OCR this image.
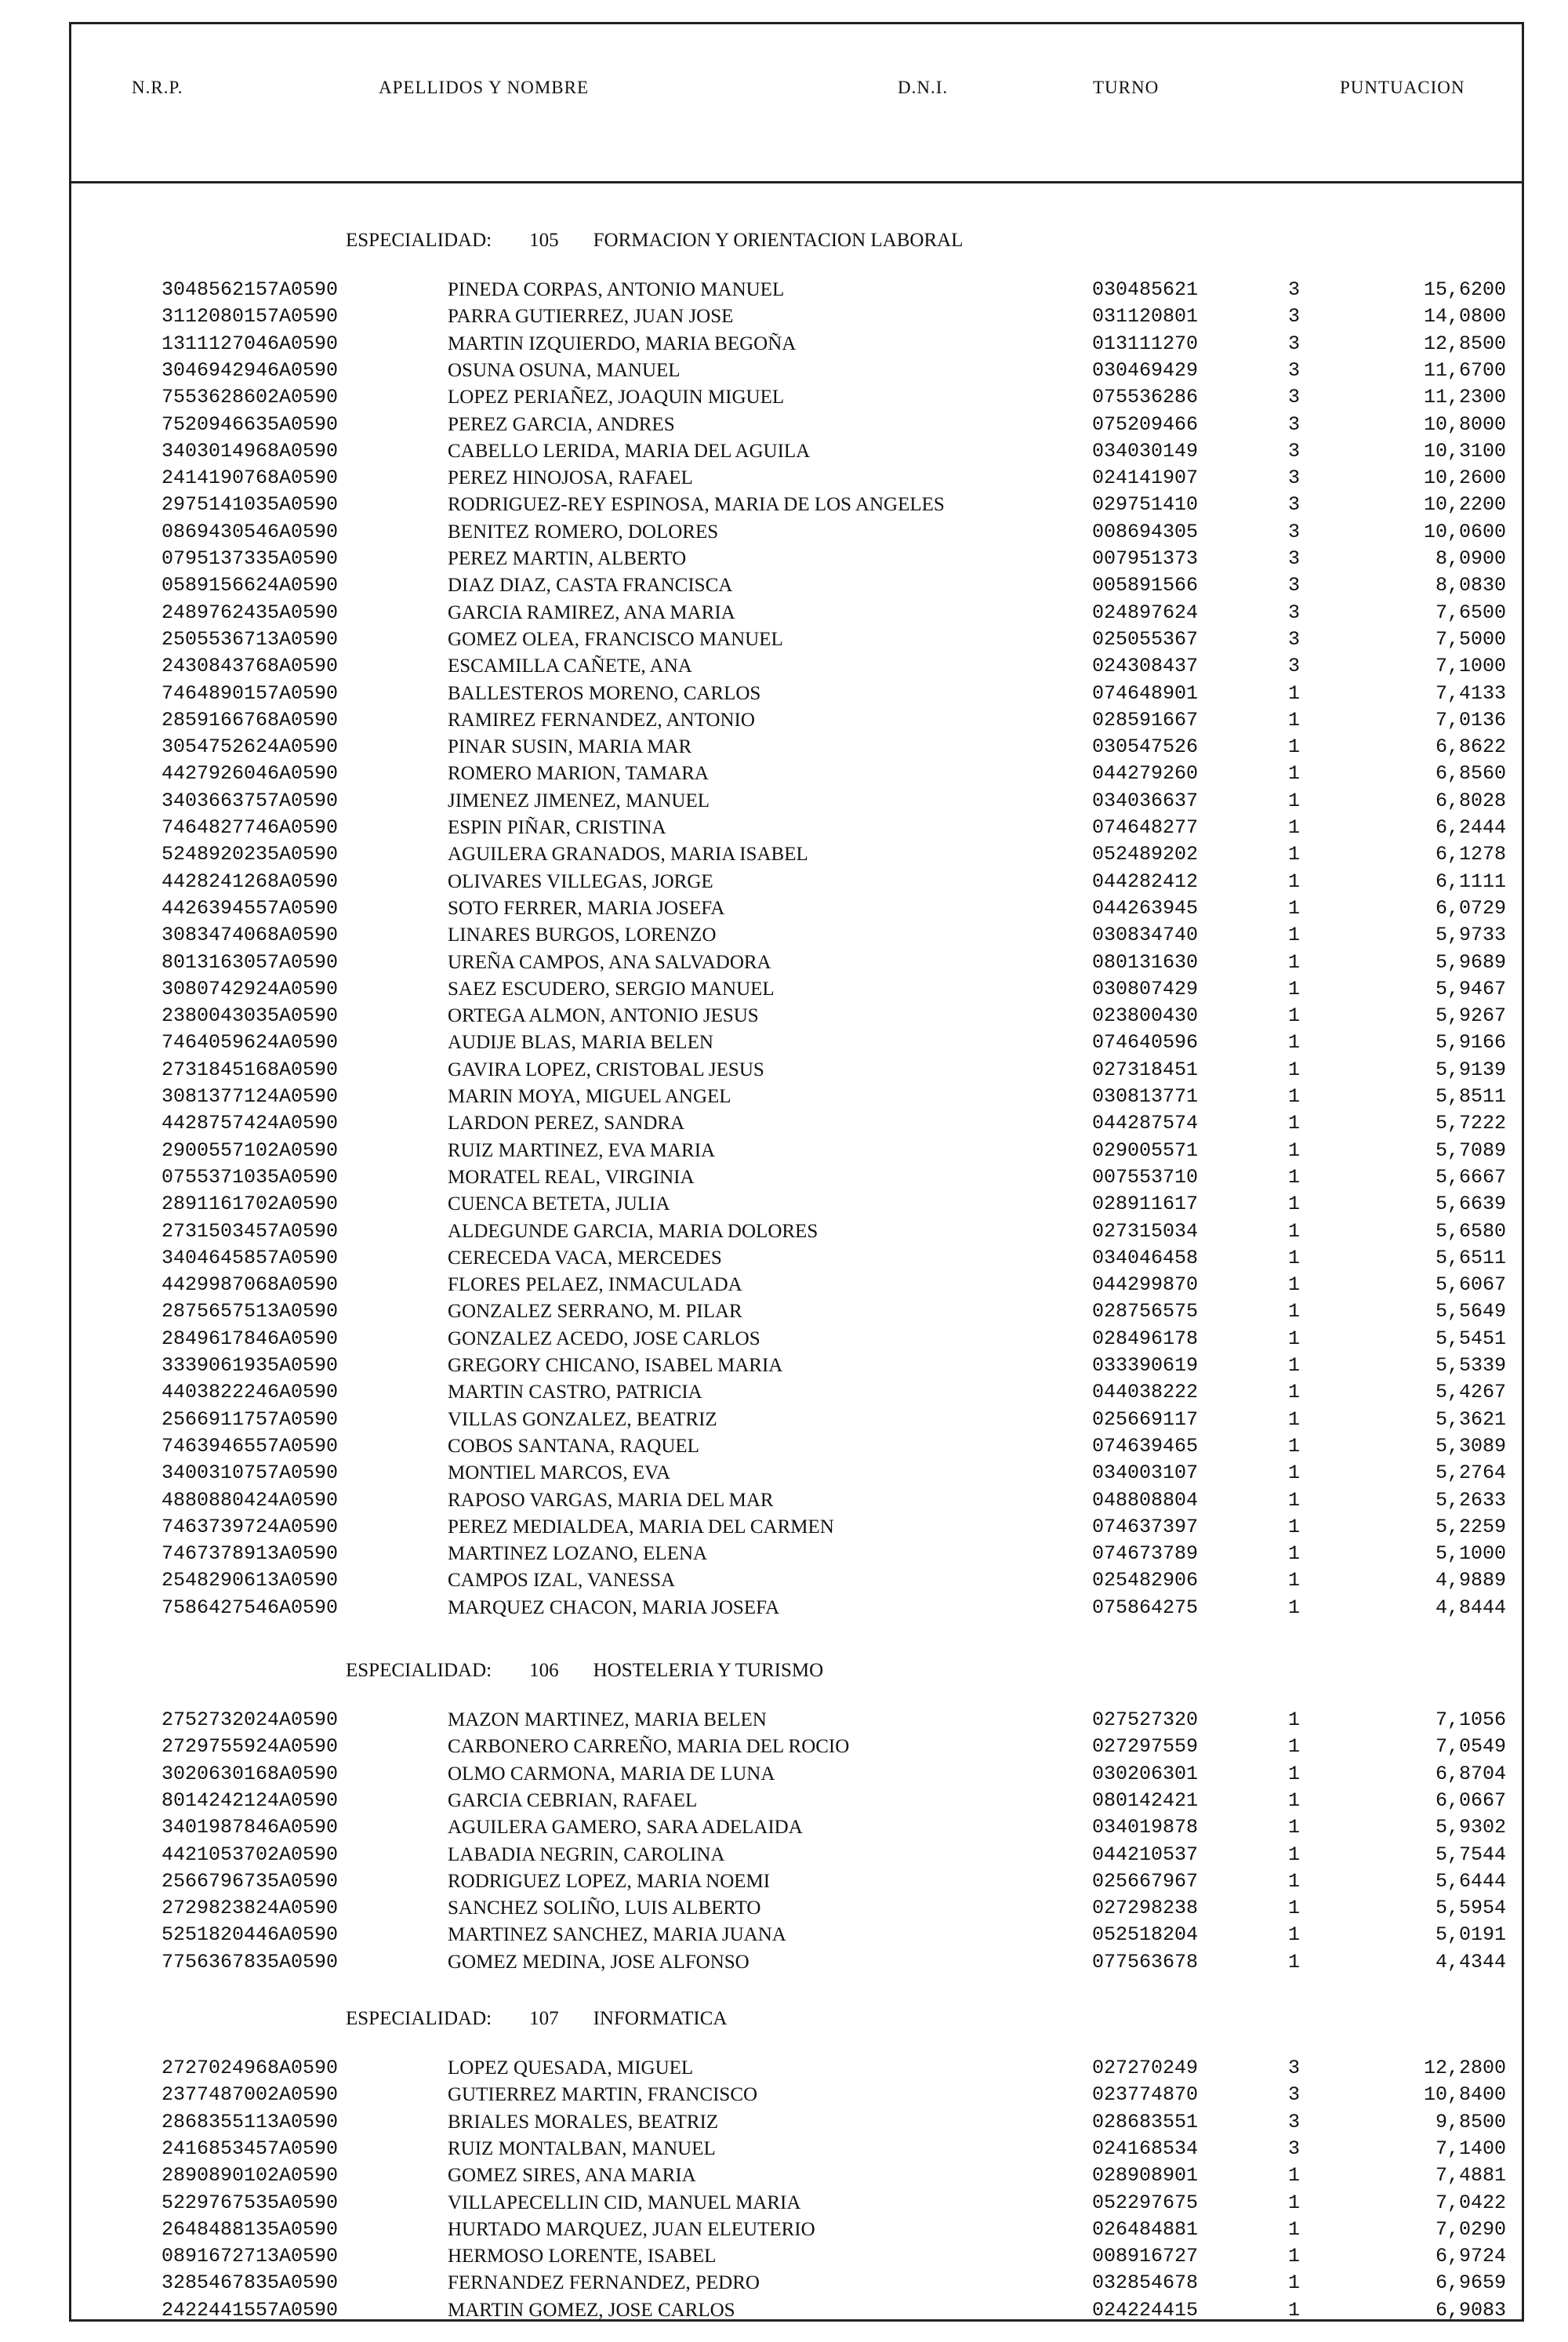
N.R.P.	APELLIDOS Y NOMBRE	D.N.I.	TURNO	PUNTUACION
ESPECIALIDAD: 105 FORMACION Y ORIENTACION LABORAL
3048562157A0590	PINEDA CORPAS, ANTONIO MANUEL	030485621	3	15,6200
3112080157A0590	PARRA GUTIERREZ, JUAN JOSE	031120801	3	14,0800
1311127046A0590	MARTIN IZQUIERDO, MARIA BEGOÑA	013111270	3	12,8500
3046942946A0590	OSUNA OSUNA, MANUEL	030469429	3	11,6700
7553628602A0590	LOPEZ PERIAÑEZ, JOAQUIN MIGUEL	075536286	3	11,2300
7520946635A0590	PEREZ GARCIA, ANDRES	075209466	3	10,8000
3403014968A0590	CABELLO LERIDA, MARIA DEL AGUILA	034030149	3	10,3100
2414190768A0590	PEREZ HINOJOSA, RAFAEL	024141907	3	10,2600
2975141035A0590	RODRIGUEZ-REY ESPINOSA, MARIA DE LOS ANGELES	029751410	3	10,2200
0869430546A0590	BENITEZ ROMERO, DOLORES	008694305	3	10,0600
0795137335A0590	PEREZ MARTIN, ALBERTO	007951373	3	8,0900
0589156624A0590	DIAZ DIAZ, CASTA FRANCISCA	005891566	3	8,0830
2489762435A0590	GARCIA RAMIREZ, ANA MARIA	024897624	3	7,6500
2505536713A0590	GOMEZ OLEA, FRANCISCO MANUEL	025055367	3	7,5000
2430843768A0590	ESCAMILLA CAÑETE, ANA	024308437	3	7,1000
7464890157A0590	BALLESTEROS MORENO, CARLOS	074648901	1	7,4133
2859166768A0590	RAMIREZ FERNANDEZ, ANTONIO	028591667	1	7,0136
3054752624A0590	PINAR SUSIN, MARIA MAR	030547526	1	6,8622
4427926046A0590	ROMERO MARION, TAMARA	044279260	1	6,8560
3403663757A0590	JIMENEZ JIMENEZ, MANUEL	034036637	1	6,8028
7464827746A0590	ESPIN PIÑAR, CRISTINA	074648277	1	6,2444
5248920235A0590	AGUILERA GRANADOS, MARIA ISABEL	052489202	1	6,1278
4428241268A0590	OLIVARES VILLEGAS, JORGE	044282412	1	6,1111
4426394557A0590	SOTO FERRER, MARIA JOSEFA	044263945	1	6,0729
3083474068A0590	LINARES BURGOS, LORENZO	030834740	1	5,9733
8013163057A0590	UREÑA CAMPOS, ANA SALVADORA	080131630	1	5,9689
3080742924A0590	SAEZ ESCUDERO, SERGIO MANUEL	030807429	1	5,9467
2380043035A0590	ORTEGA ALMON, ANTONIO JESUS	023800430	1	5,9267
7464059624A0590	AUDIJE BLAS, MARIA BELEN	074640596	1	5,9166
2731845168A0590	GAVIRA LOPEZ, CRISTOBAL JESUS	027318451	1	5,9139
3081377124A0590	MARIN MOYA, MIGUEL ANGEL	030813771	1	5,8511
4428757424A0590	LARDON PEREZ, SANDRA	044287574	1	5,7222
2900557102A0590	RUIZ MARTINEZ, EVA MARIA	029005571	1	5,7089
0755371035A0590	MORATEL REAL, VIRGINIA	007553710	1	5,6667
2891161702A0590	CUENCA BETETA, JULIA	028911617	1	5,6639
2731503457A0590	ALDEGUNDE GARCIA, MARIA DOLORES	027315034	1	5,6580
3404645857A0590	CERECEDA VACA, MERCEDES	034046458	1	5,6511
4429987068A0590	FLORES PELAEZ, INMACULADA	044299870	1	5,6067
2875657513A0590	GONZALEZ SERRANO, M. PILAR	028756575	1	5,5649
2849617846A0590	GONZALEZ ACEDO, JOSE CARLOS	028496178	1	5,5451
3339061935A0590	GREGORY CHICANO, ISABEL MARIA	033390619	1	5,5339
4403822246A0590	MARTIN CASTRO, PATRICIA	044038222	1	5,4267
2566911757A0590	VILLAS GONZALEZ, BEATRIZ	025669117	1	5,3621
7463946557A0590	COBOS SANTANA, RAQUEL	074639465	1	5,3089
3400310757A0590	MONTIEL MARCOS, EVA	034003107	1	5,2764
4880880424A0590	RAPOSO VARGAS, MARIA DEL MAR	048808804	1	5,2633
7463739724A0590	PEREZ MEDIALDEA, MARIA DEL CARMEN	074637397	1	5,2259
7467378913A0590	MARTINEZ LOZANO, ELENA	074673789	1	5,1000
2548290613A0590	CAMPOS IZAL, VANESSA	025482906	1	4,9889
7586427546A0590	MARQUEZ CHACON, MARIA JOSEFA	075864275	1	4,8444
ESPECIALIDAD: 106 HOSTELERIA Y TURISMO
2752732024A0590	MAZON MARTINEZ, MARIA BELEN	027527320	1	7,1056
2729755924A0590	CARBONERO CARREÑO, MARIA DEL ROCIO	027297559	1	7,0549
3020630168A0590	OLMO CARMONA, MARIA DE LUNA	030206301	1	6,8704
8014242124A0590	GARCIA CEBRIAN, RAFAEL	080142421	1	6,0667
3401987846A0590	AGUILERA GAMERO, SARA ADELAIDA	034019878	1	5,9302
4421053702A0590	LABADIA NEGRIN, CAROLINA	044210537	1	5,7544
2566796735A0590	RODRIGUEZ LOPEZ, MARIA NOEMI	025667967	1	5,6444
2729823824A0590	SANCHEZ SOLIÑO, LUIS ALBERTO	027298238	1	5,5954
5251820446A0590	MARTINEZ SANCHEZ, MARIA JUANA	052518204	1	5,0191
7756367835A0590	GOMEZ MEDINA, JOSE ALFONSO	077563678	1	4,4344
ESPECIALIDAD: 107 INFORMATICA
2727024968A0590	LOPEZ QUESADA, MIGUEL	027270249	3	12,2800
2377487002A0590	GUTIERREZ MARTIN, FRANCISCO	023774870	3	10,8400
2868355113A0590	BRIALES MORALES, BEATRIZ	028683551	3	9,8500
2416853457A0590	RUIZ MONTALBAN, MANUEL	024168534	3	7,1400
2890890102A0590	GOMEZ SIRES, ANA MARIA	028908901	1	7,4881
5229767535A0590	VILLAPECELLIN CID, MANUEL MARIA	052297675	1	7,0422
2648488135A0590	HURTADO MARQUEZ, JUAN ELEUTERIO	026484881	1	7,0290
0891672713A0590	HERMOSO LORENTE, ISABEL	008916727	1	6,9724
3285467835A0590	FERNANDEZ FERNANDEZ, PEDRO	032854678	1	6,9659
2422441557A0590	MARTIN GOMEZ, JOSE CARLOS	024224415	1	6,9083
